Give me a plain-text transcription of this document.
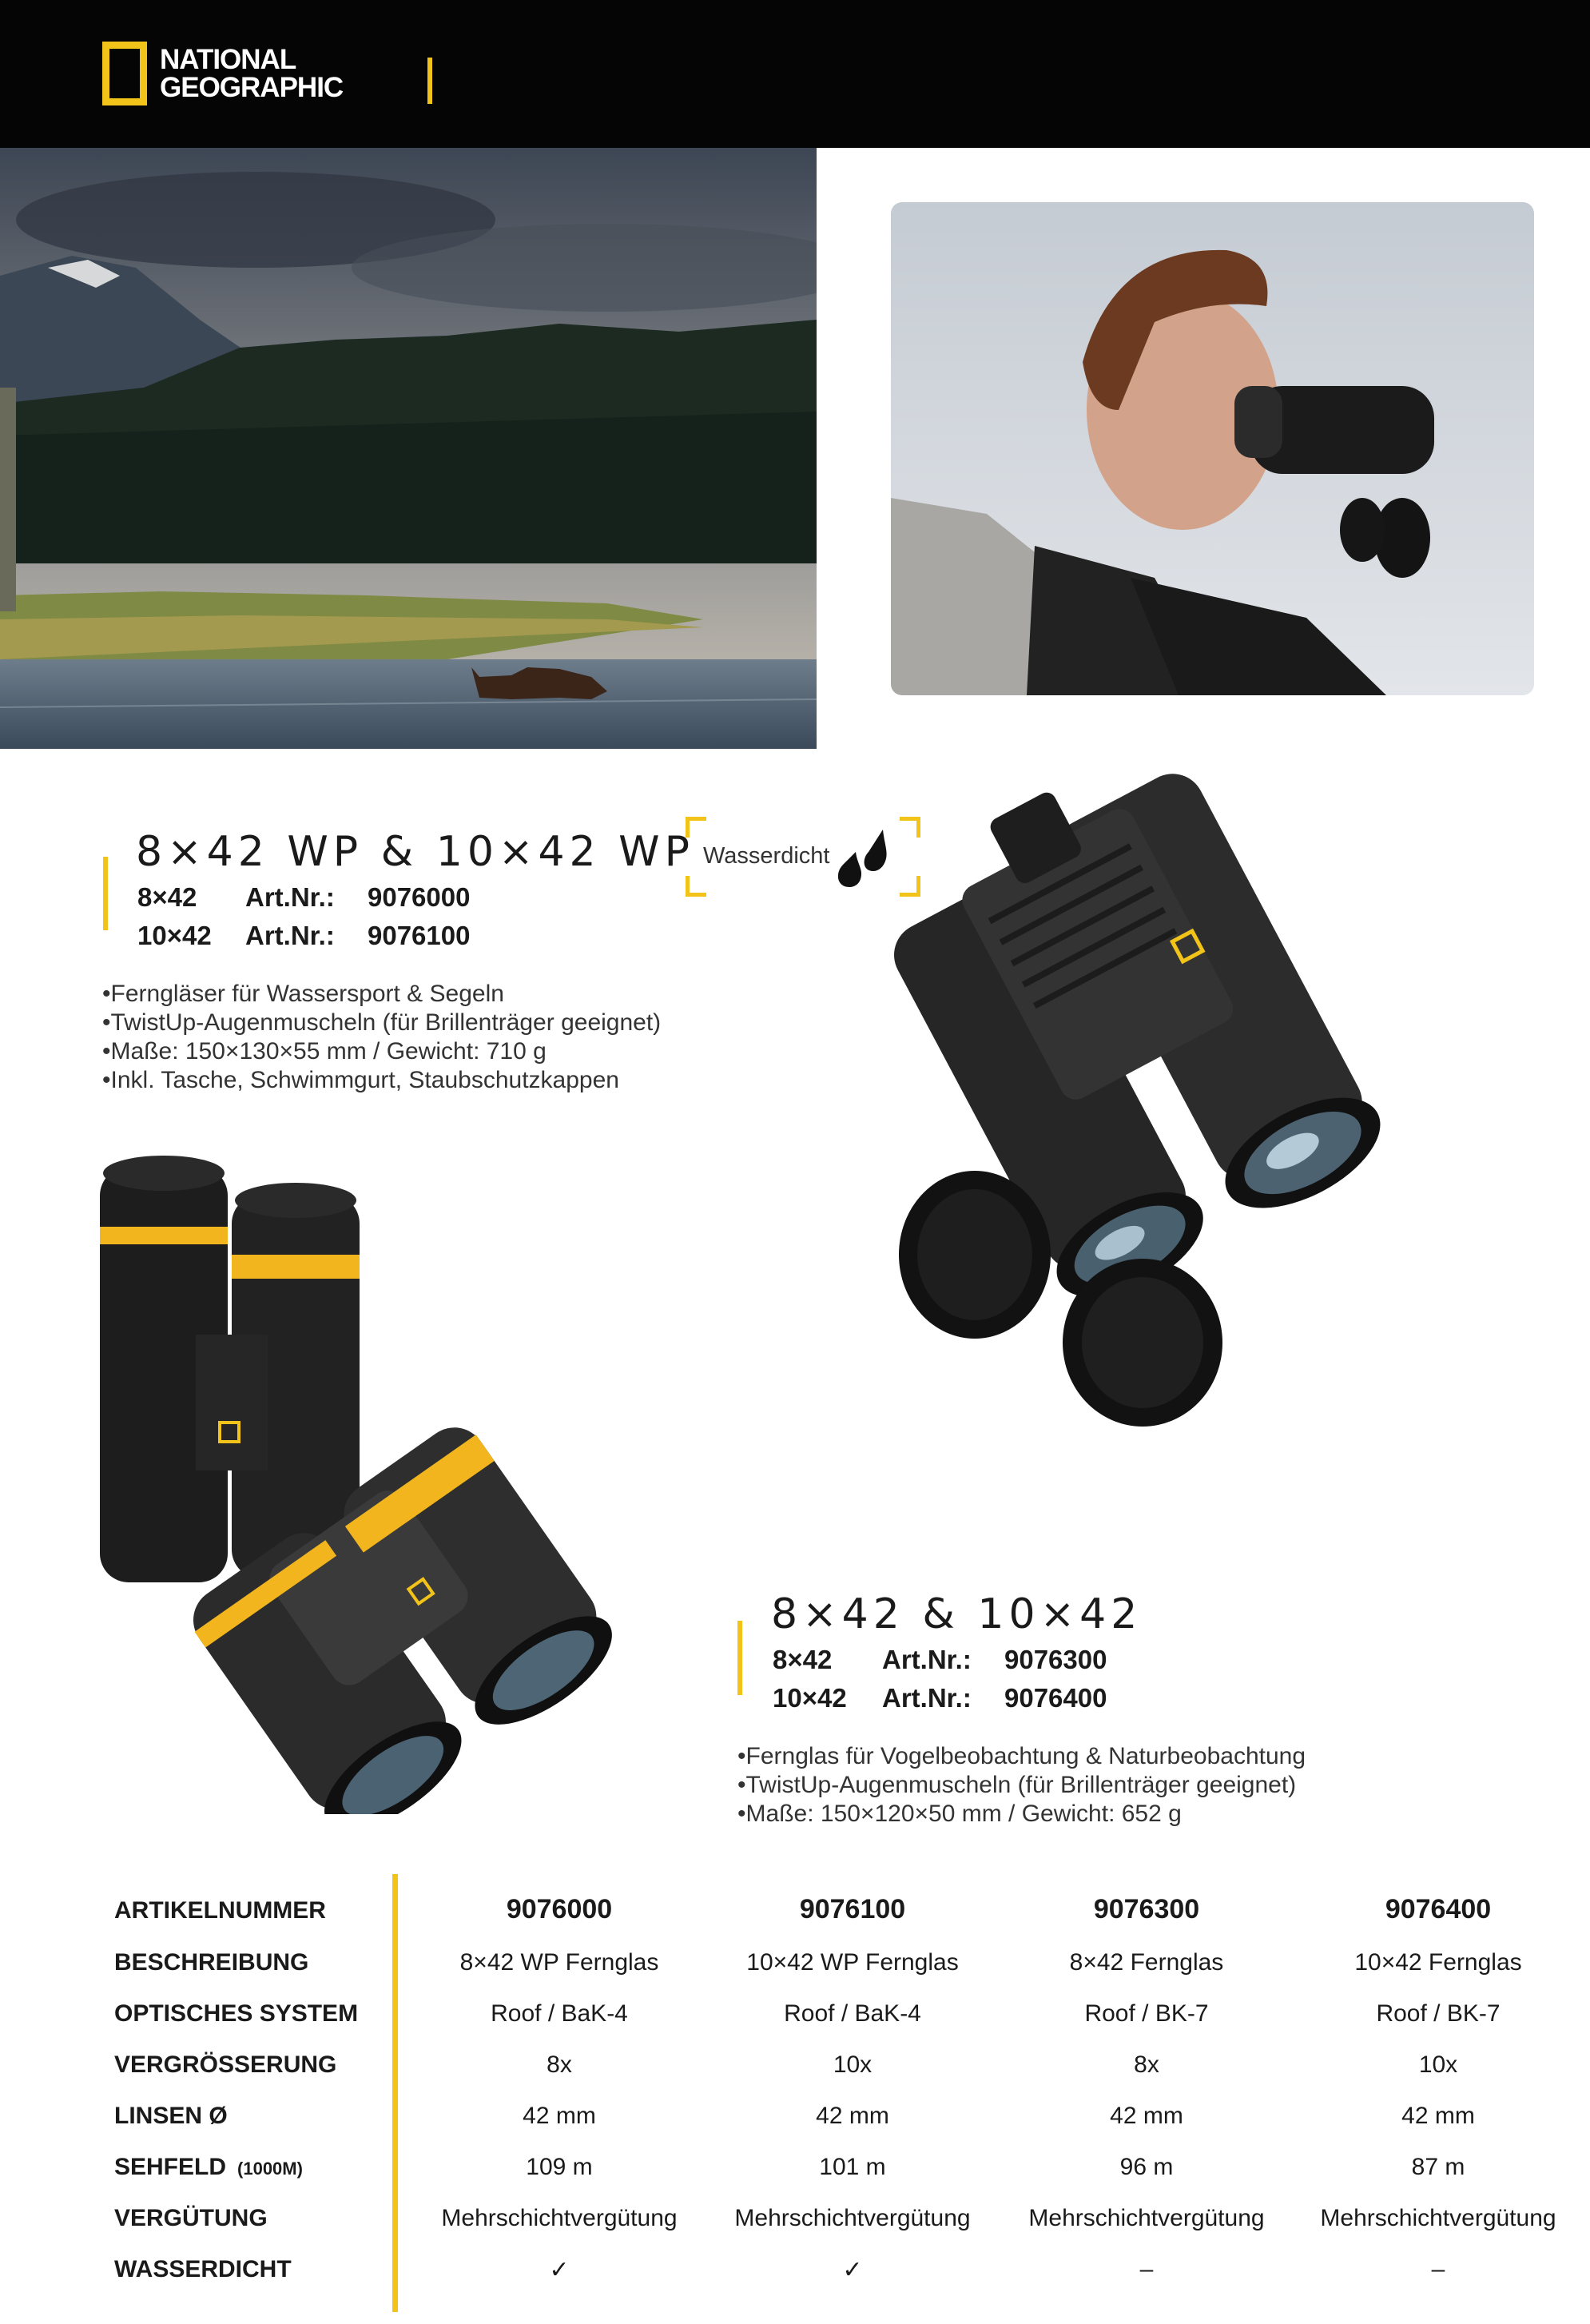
NATIONAL
GEOGRAPHIC
8×42 WP & 10×42 WP
8×42 Art.Nr.: 9076000
10×42 Art.Nr.: 9076100
• Ferngläser für Wassersport & Segeln
• TwistUp-Augenmuscheln (für Brillenträger geeignet)
• Maße: 150×130×55 mm / Gewicht: 710 g
• Inkl. Tasche, Schwimmgurt, Staubschutzkappen
Wasserdicht
8×42 & 10×42
8×42 Art.Nr.: 9076300
10×42 Art.Nr.: 9076400
• Fernglas für Vogelbeobachtung & Naturbeobachtung
• TwistUp-Augenmuscheln (für Brillenträger geeignet)
• Maße: 150×120×50 mm / Gewicht: 652 g
ARTIKELNUMMER	9076000	9076100	9076300	9076400
BESCHREIBUNG	8×42 WP Fernglas	10×42 WP Fernglas	8×42 Fernglas	10×42 Fernglas
OPTISCHES SYSTEM	Roof / BaK-4	Roof / BaK-4	Roof / BK-7	Roof / BK-7
VERGRÖSSERUNG	8x	10x	8x	10x
LINSEN Ø	42 mm	42 mm	42 mm	42 mm
SEHFELD (1000M)	109 m	101 m	96 m	87 m
VERGÜTUNG	Mehrschichtvergütung	Mehrschichtvergütung	Mehrschichtvergütung	Mehrschichtvergütung
WASSERDICHT	✓	✓	–	–
